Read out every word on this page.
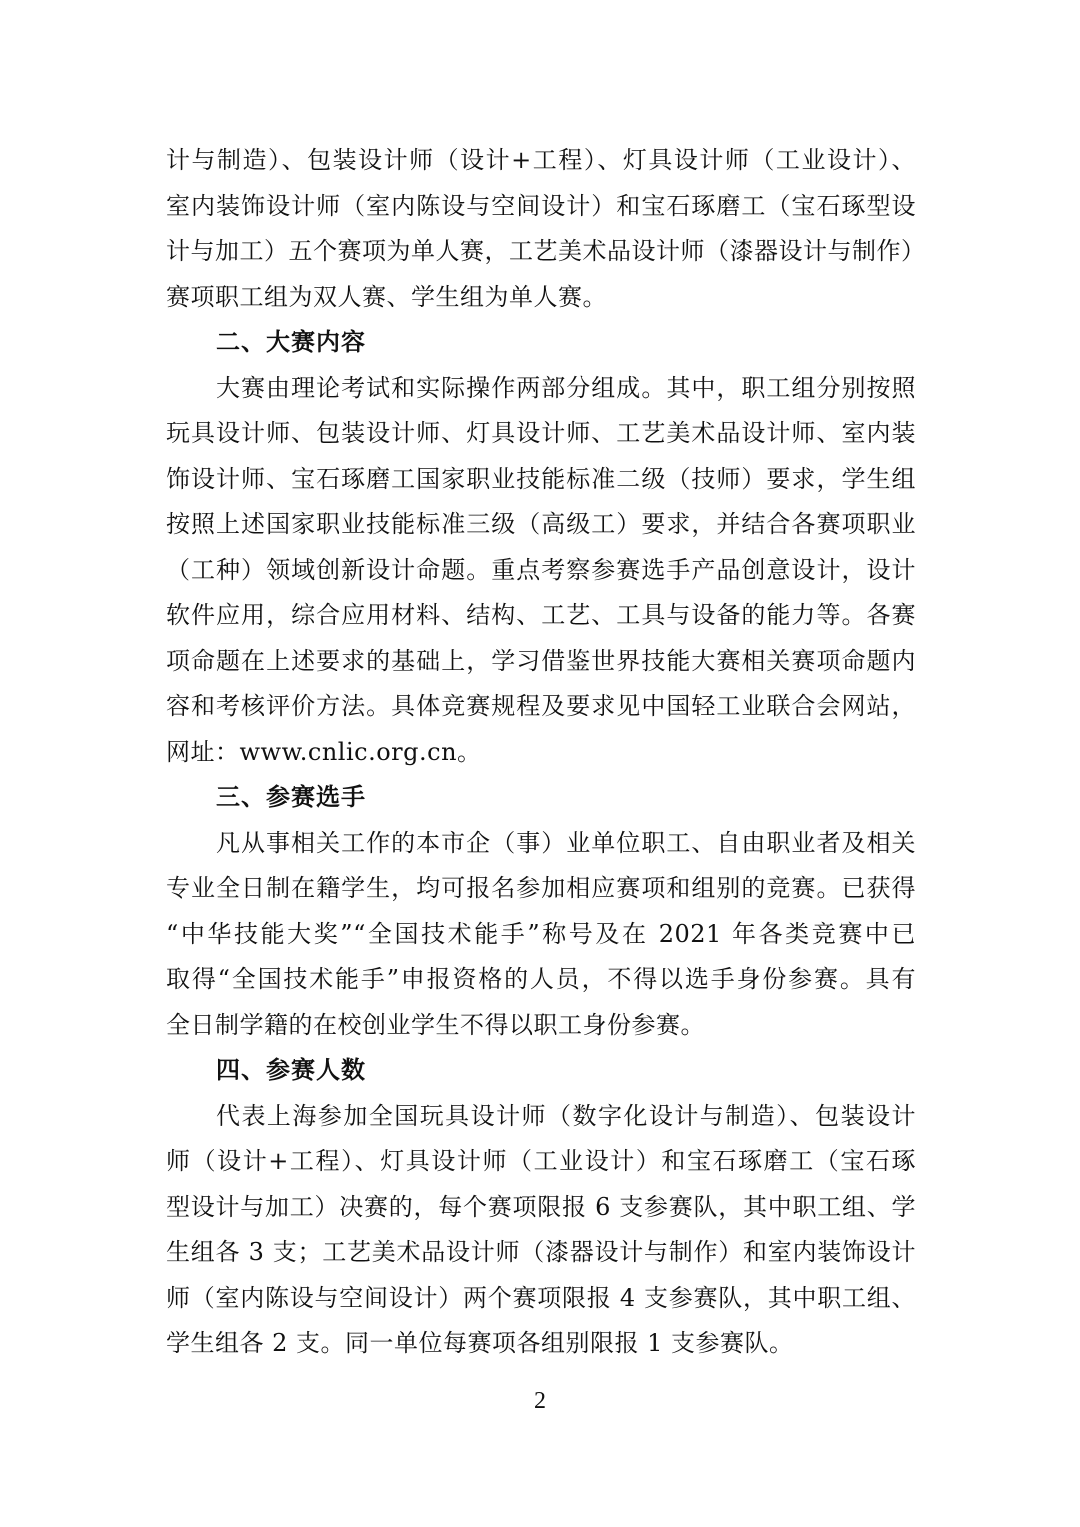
计与制造）、包装设计师（设计+工程）、灯具设计师（工业设计）、

室内装饰设计师（室内陈设与空间设计）和宝石琢磨工（宝石琢型设

计与加工）五个赛项为单人赛，工艺美术品设计师（漆器设计与制作）

赛项职工组为双人赛、学生组为单人赛。

二、大赛内容

大赛由理论考试和实际操作两部分组成。其中，职工组分别按照

玩具设计师、包装设计师、灯具设计师、工艺美术品设计师、室内装

饰设计师、宝石琢磨工国家职业技能标准二级（技师）要求，学生组

按照上述国家职业技能标准三级（高级工）要求，并结合各赛项职业

（工种）领域创新设计命题。重点考察参赛选手产品创意设计，设计

软件应用，综合应用材料、结构、工艺、工具与设备的能力等。各赛

项命题在上述要求的基础上，学习借鉴世界技能大赛相关赛项命题内

容和考核评价方法。具体竞赛规程及要求见中国轻工业联合会网站，

网址：www.cnlic.org.cn。

三、参赛选手

凡从事相关工作的本市企（事）业单位职工、自由职业者及相关

专业全日制在籍学生，均可报名参加相应赛项和组别的竞赛。已获得

“中华技能大奖”“全国技术能手”称号及在 2021 年各类竞赛中已

取得“全国技术能手”申报资格的人员，不得以选手身份参赛。具有

全日制学籍的在校创业学生不得以职工身份参赛。

四、参赛人数

代表上海参加全国玩具设计师（数字化设计与制造）、包装设计

师（设计+工程）、灯具设计师（工业设计）和宝石琢磨工（宝石琢

型设计与加工）决赛的，每个赛项限报 6 支参赛队，其中职工组、学

生组各 3 支；工艺美术品设计师（漆器设计与制作）和室内装饰设计

师（室内陈设与空间设计）两个赛项限报 4 支参赛队，其中职工组、

学生组各 2 支。同一单位每赛项各组别限报 1 支参赛队。

2
